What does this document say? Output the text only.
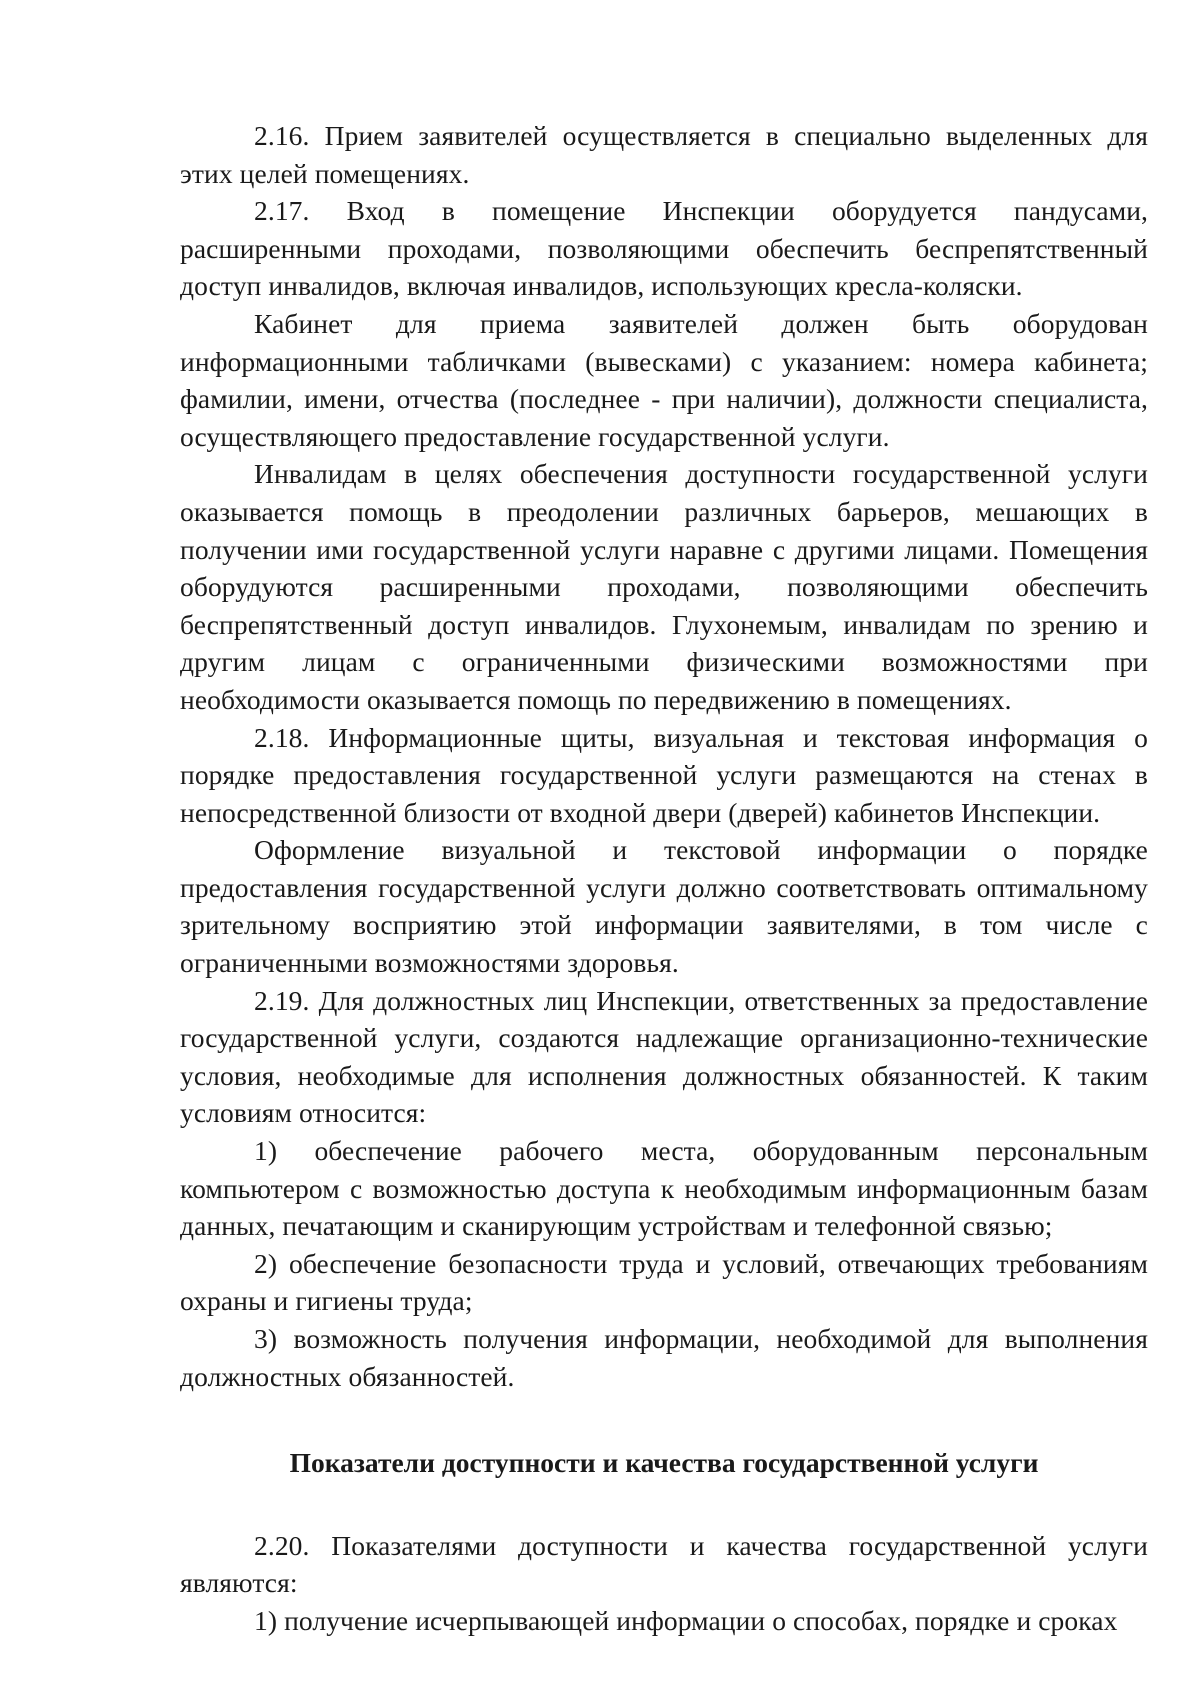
2.16. Прием заявителей осуществляется в специально выделенных для этих целей помещениях.

2.17. Вход в помещение Инспекции оборудуется пандусами, расширенными проходами, позволяющими обеспечить беспрепятственный доступ инвалидов, включая инвалидов, использующих кресла-коляски.

Кабинет для приема заявителей должен быть оборудован информационными табличками (вывесками) с указанием: номера кабинета; фамилии, имени, отчества (последнее - при наличии), должности специалиста, осуществляющего предоставление государственной услуги.

Инвалидам в целях обеспечения доступности государственной услуги оказывается помощь в преодолении различных барьеров, мешающих в получении ими государственной услуги наравне с другими лицами. Помещения оборудуются расширенными проходами, позволяющими обеспечить беспрепятственный доступ инвалидов. Глухонемым, инвалидам по зрению и другим лицам с ограниченными физическими возможностями при необходимости оказывается помощь по передвижению в помещениях.

2.18. Информационные щиты, визуальная и текстовая информация о порядке предоставления государственной услуги размещаются на стенах в непосредственной близости от входной двери (дверей) кабинетов Инспекции.

Оформление визуальной и текстовой информации о порядке предоставления государственной услуги должно соответствовать оптимальному зрительному восприятию этой информации заявителями, в том числе с ограниченными возможностями здоровья.

2.19. Для должностных лиц Инспекции, ответственных за предоставление государственной услуги, создаются надлежащие организационно-технические условия, необходимые для исполнения должностных обязанностей. К таким условиям относится:

1) обеспечение рабочего места, оборудованным персональным компьютером с возможностью доступа к необходимым информационным базам данных, печатающим и сканирующим устройствам и телефонной связью;

2) обеспечение безопасности труда и условий, отвечающих требованиям охраны и гигиены труда;

3) возможность получения информации, необходимой для выполнения должностных обязанностей.

Показатели доступности и качества государственной услуги

2.20. Показателями доступности и качества государственной услуги являются:

1) получение исчерпывающей информации о способах, порядке и сроках
